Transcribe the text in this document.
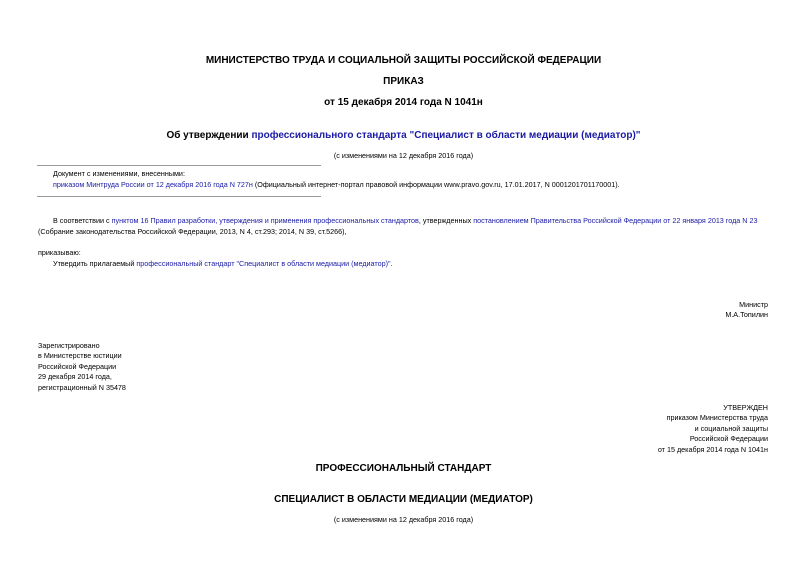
МИНИСТЕРСТВО ТРУДА И СОЦИАЛЬНОЙ ЗАЩИТЫ РОССИЙСКОЙ ФЕДЕРАЦИИ
ПРИКАЗ
от 15 декабря 2014 года N 1041н
Об утверждении профессионального стандарта "Специалист в области медиации (медиатор)"
(с изменениями на 12 декабря 2016 года)
Документ с изменениями, внесенными:
приказом Минтруда России от 12 декабря 2016 года N 727н (Официальный интернет-портал правовой информации www.pravo.gov.ru, 17.01.2017, N 0001201701170001).
В соответствии с пунктом 16 Правил разработки, утверждения и применения профессиональных стандартов, утвержденных постановлением Правительства Российской Федерации от 22 января 2013 года N 23
(Собрание законодательства Российской Федерации, 2013, N 4, ст.293; 2014, N 39, ст.5266),
приказываю:
Утвердить прилагаемый профессиональный стандарт "Специалист в области медиации (медиатор)".
Министр
М.А.Топилин
Зарегистрировано
в Министерстве юстиции
Российской Федерации
29 декабря 2014 года,
регистрационный N 35478
УТВЕРЖДЕН
приказом Министерства труда
и социальной защиты
Российской Федерации
от 15 декабря 2014 года N 1041н
ПРОФЕССИОНАЛЬНЫЙ СТАНДАРТ
СПЕЦИАЛИСТ В ОБЛАСТИ МЕДИАЦИИ (МЕДИАТОР)
(с изменениями на 12 декабря 2016 года)
